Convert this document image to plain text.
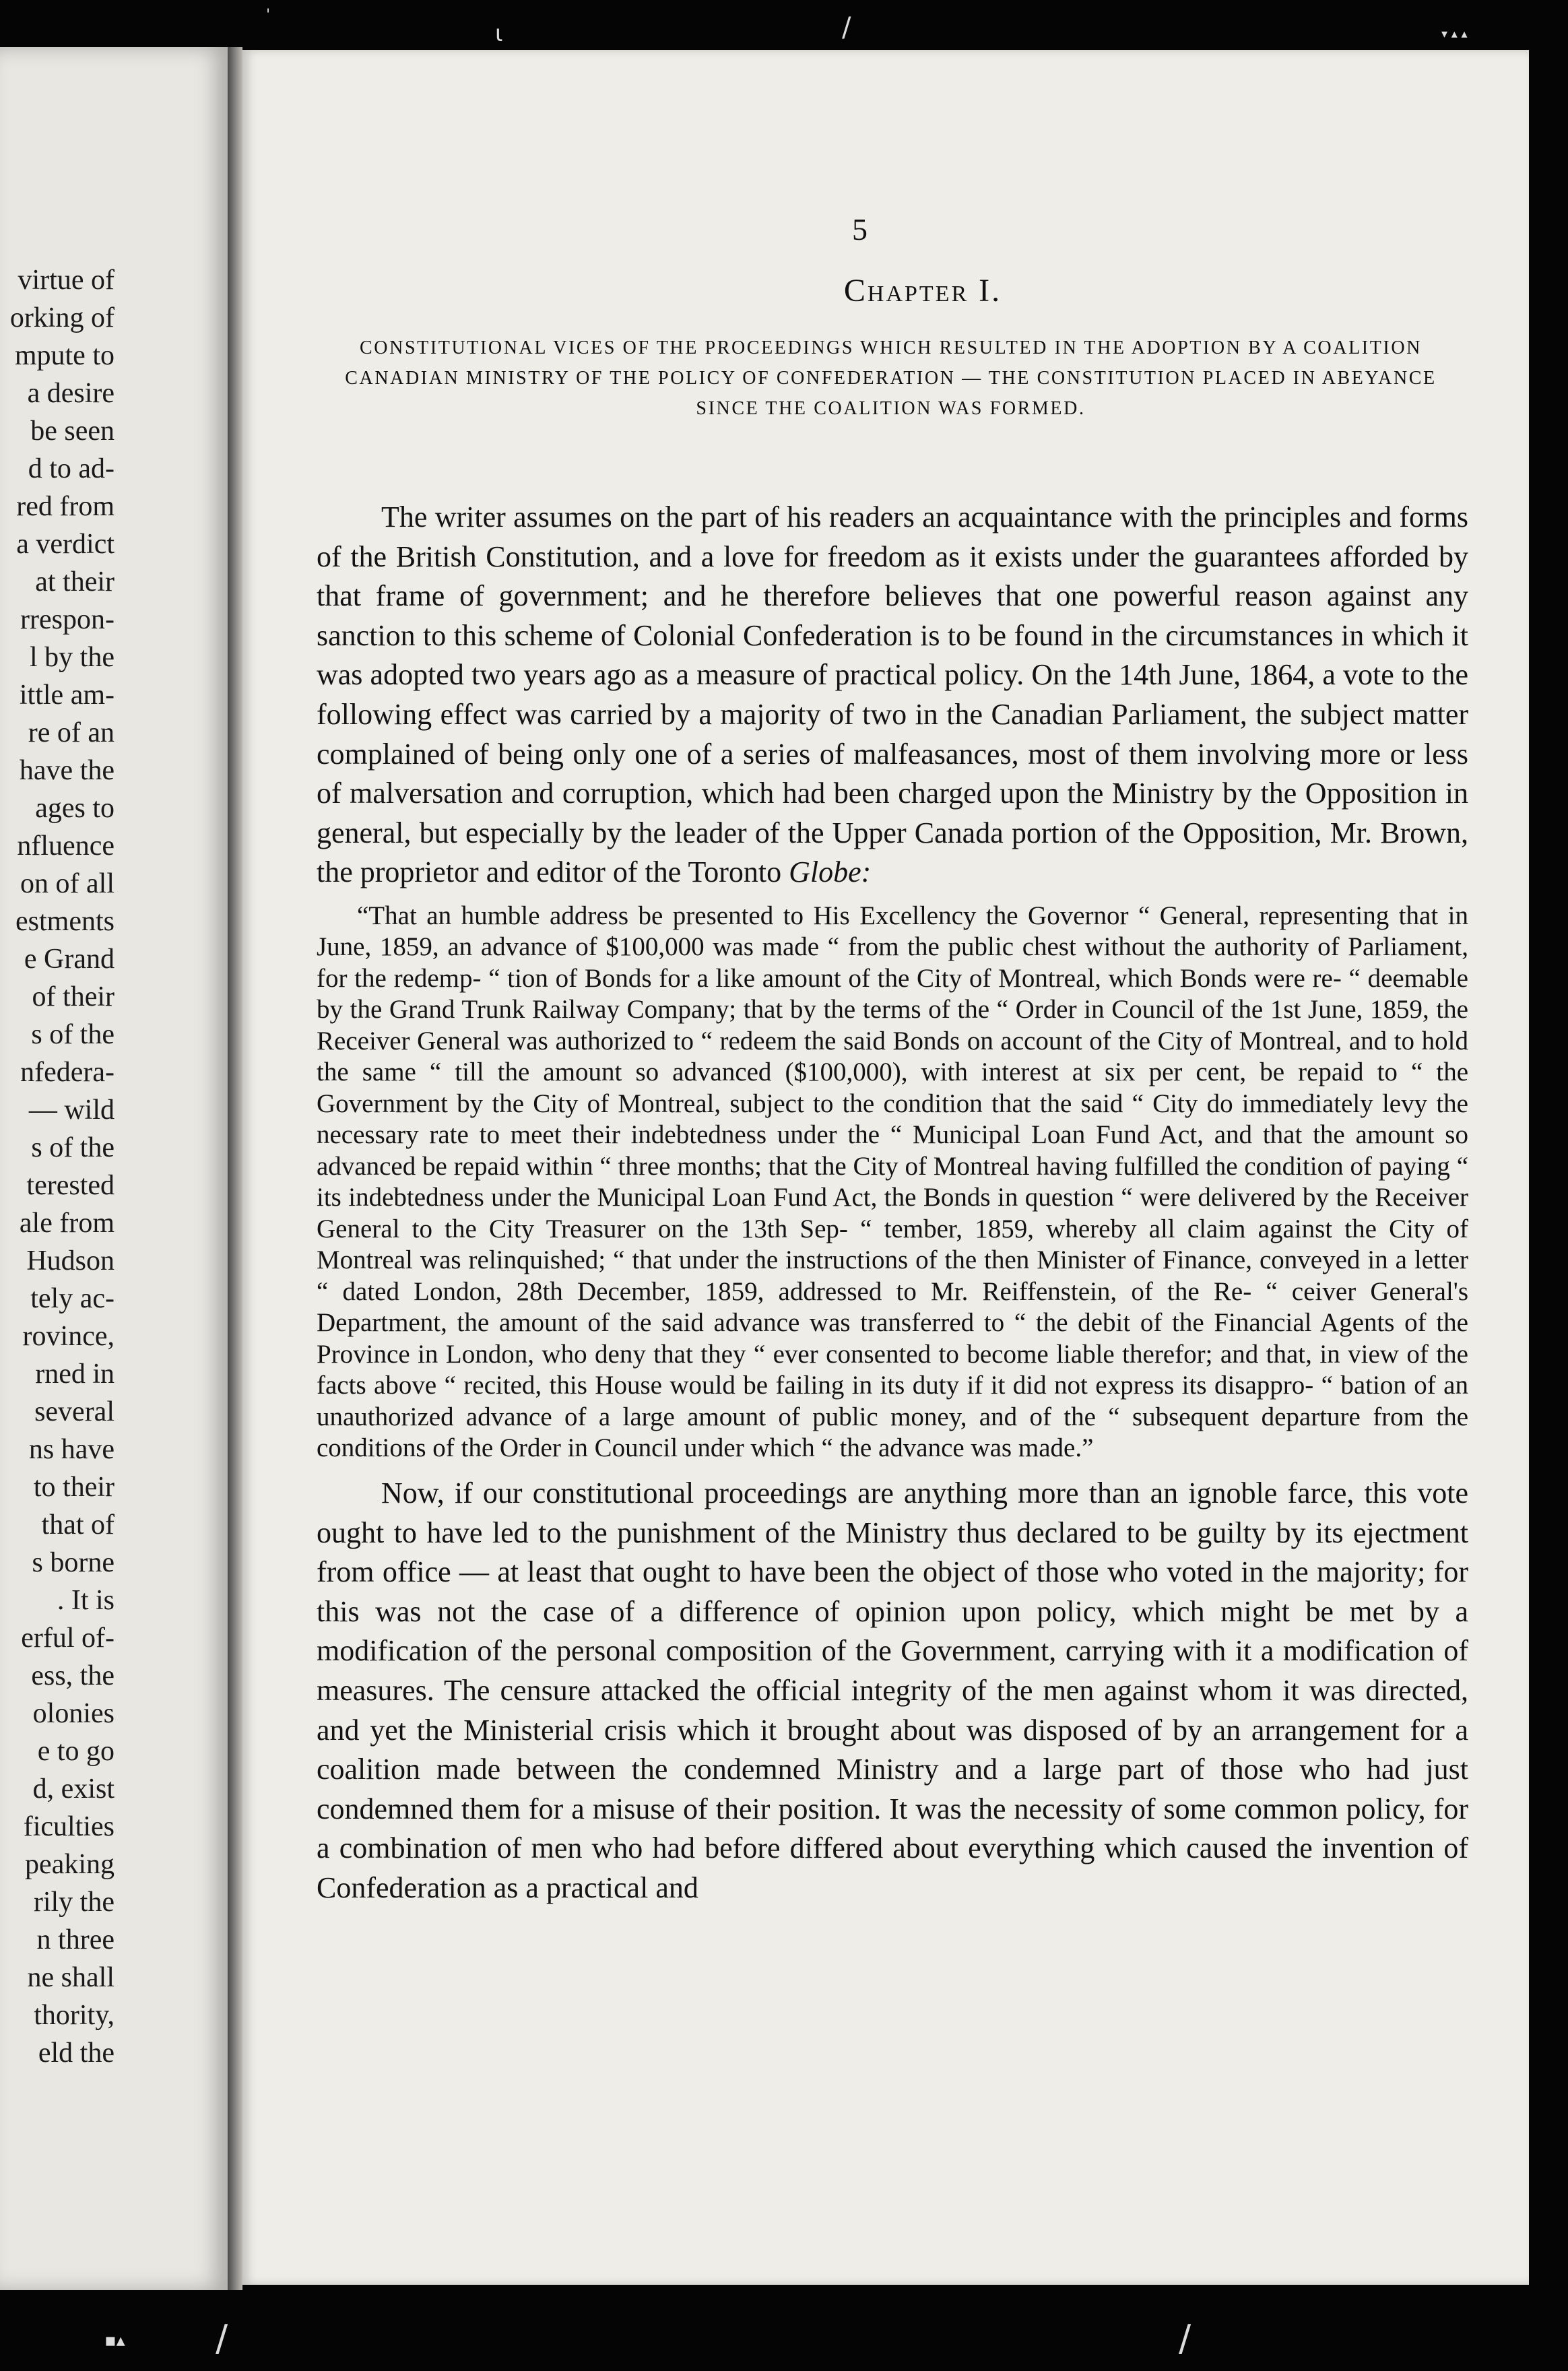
'
ɩ	/	▾ ▴ ▴
virtue of
orking of
mpute to
a desire
be seen
d to ad-
red from
a verdict
at their
rrespon-
l by the
ittle am-
re of an
have the
ages to
nfluence
on of all
estments
e Grand
of their
s of the
nfedera-
— wild
s of the
terested
ale from
Hudson
tely ac-
rovince,
rned in
several
ns have
to their
that of
s borne
. It is
erful of-
ess, the
olonies
e to go
d, exist
ficulties
peaking
rily the
n three
ne shall
thority,
eld the
5
Chapter I.
CONSTITUTIONAL VICES OF THE PROCEEDINGS WHICH RESULTED IN THE ADOPTION BY A COALITION CANADIAN MINISTRY OF THE POLICY OF CONFEDERATION — THE CONSTITUTION PLACED IN ABEYANCE SINCE THE COALITION WAS FORMED.

The writer assumes on the part of his readers an acquaintance with the principles and forms of the British Constitution, and a love for freedom as it exists under the guarantees afforded by that frame of government; and he therefore believes that one powerful reason against any sanction to this scheme of Colonial Confederation is to be found in the circumstances in which it was adopted two years ago as a measure of practical policy. On the 14th June, 1864, a vote to the following effect was carried by a majority of two in the Canadian Parliament, the subject matter complained of being only one of a series of malfeasances, most of them involving more or less of malversation and corruption, which had been charged upon the Ministry by the Opposition in general, but especially by the leader of the Upper Canada portion of the Opposition, Mr. Brown, the proprietor and editor of the Toronto Globe:

“That an humble address be presented to His Excellency the Governor “ General, representing that in June, 1859, an advance of $100,000 was made “ from the public chest without the authority of Parliament, for the redemp- “ tion of Bonds for a like amount of the City of Montreal, which Bonds were re- “ deemable by the Grand Trunk Railway Company; that by the terms of the “ Order in Council of the 1st June, 1859, the Receiver General was authorized to “ redeem the said Bonds on account of the City of Montreal, and to hold the same “ till the amount so advanced ($100,000), with interest at six per cent, be repaid to “ the Government by the City of Montreal, subject to the condition that the said “ City do immediately levy the necessary rate to meet their indebtedness under the “ Municipal Loan Fund Act, and that the amount so advanced be repaid within “ three months; that the City of Montreal having fulfilled the condition of paying “ its indebtedness under the Municipal Loan Fund Act, the Bonds in question “ were delivered by the Receiver General to the City Treasurer on the 13th Sep- “ tember, 1859, whereby all claim against the City of Montreal was relinquished; “ that under the instructions of the then Minister of Finance, conveyed in a letter “ dated London, 28th December, 1859, addressed to Mr. Reiffenstein, of the Re- “ ceiver General's Department, the amount of the said advance was transferred to “ the debit of the Financial Agents of the Province in London, who deny that they “ ever consented to become liable therefor; and that, in view of the facts above “ recited, this House would be failing in its duty if it did not express its disappro- “ bation of an unauthorized advance of a large amount of public money, and of the “ subsequent departure from the conditions of the Order in Council under which “ the advance was made.”

Now, if our constitutional proceedings are anything more than an ignoble farce, this vote ought to have led to the punishment of the Ministry thus declared to be guilty by its ejectment from office — at least that ought to have been the object of those who voted in the majority; for this was not the case of a difference of opinion upon policy, which might be met by a modification of the personal composition of the Government, carrying with it a modification of measures. The censure attacked the official integrity of the men against whom it was directed, and yet the Ministerial crisis which it brought about was disposed of by an arrangement for a coalition made between the condemned Ministry and a large part of those who had just condemned them for a misuse of their position. It was the necessity of some common policy, for a combination of men who had before differed about everything which caused the invention of Confederation as a practical and

▪▴ /	/
